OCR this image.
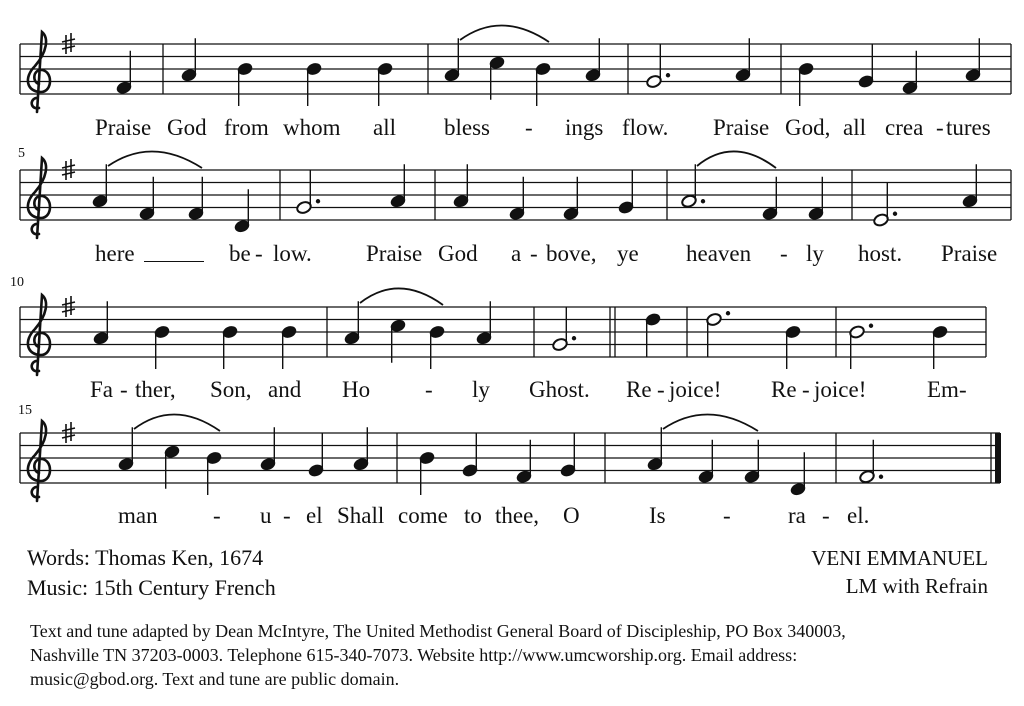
5
10
15
Praise God from whom all bless - ings flow. Praise God, all crea - tures
here	be - low. Praise God a - bove, ye heaven - ly host. Praise
Fa - ther, Son, and Ho - ly Ghost. Re - joice! Re - joice!	Em-
man - u - el Shall come to thee, O	Is - ra - el.
Words: Thomas Ken, 1674
Music: 15th Century French
VENI EMMANUEL
LM with Refrain
Text and tune adapted by Dean McIntyre, The United Methodist General Board of Discipleship, PO Box 340003,
Nashville TN 37203-0003. Telephone 615-340-7073. Website http://www.umcworship.org. Email address:
music@gbod.org. Text and tune are public domain.
